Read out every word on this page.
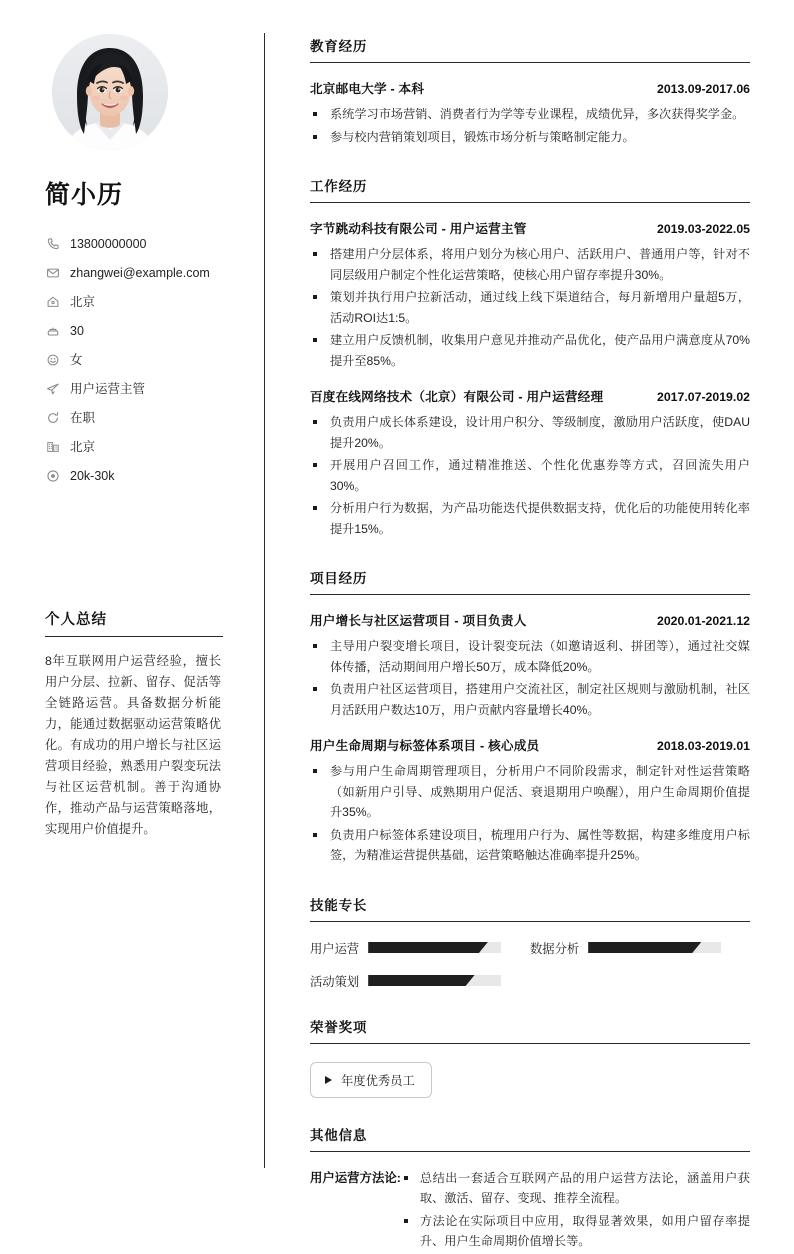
简小历
13800000000
zhangwei@example.com
北京
30
女
用户运营主管
在职
北京
20k-30k
个人总结
8年互联网用户运营经验，擅长用户分层、拉新、留存、促活等全链路运营。具备数据分析能力，能通过数据驱动运营策略优化。有成功的用户增长与社区运营项目经验，熟悉用户裂变玩法与社区运营机制。善于沟通协作，推动产品与运营策略落地，实现用户价值提升。
教育经历
北京邮电大学 - 本科	2013.09-2017.06
系统学习市场营销、消费者行为学等专业课程，成绩优异，多次获得奖学金。
参与校内营销策划项目，锻炼市场分析与策略制定能力。
工作经历
字节跳动科技有限公司 - 用户运营主管	2019.03-2022.05
搭建用户分层体系，将用户划分为核心用户、活跃用户、普通用户等，针对不同层级用户制定个性化运营策略，使核心用户留存率提升30%。
策划并执行用户拉新活动，通过线上线下渠道结合，每月新增用户量超5万，活动ROI达1:5。
建立用户反馈机制，收集用户意见并推动产品优化，使产品用户满意度从70%提升至85%。
百度在线网络技术（北京）有限公司 - 用户运营经理	2017.07-2019.02
负责用户成长体系建设，设计用户积分、等级制度，激励用户活跃度，使DAU提升20%。
开展用户召回工作，通过精准推送、个性化优惠券等方式，召回流失用户30%。
分析用户行为数据，为产品功能迭代提供数据支持，优化后的功能使用转化率提升15%。
项目经历
用户增长与社区运营项目 - 项目负责人	2020.01-2021.12
主导用户裂变增长项目，设计裂变玩法（如邀请返利、拼团等），通过社交媒体传播，活动期间用户增长50万，成本降低20%。
负责用户社区运营项目，搭建用户交流社区，制定社区规则与激励机制，社区月活跃用户数达10万，用户贡献内容量增长40%。
用户生命周期与标签体系项目 - 核心成员	2018.03-2019.01
参与用户生命周期管理项目，分析用户不同阶段需求，制定针对性运营策略（如新用户引导、成熟期用户促活、衰退期用户唤醒），用户生命周期价值提升35%。
负责用户标签体系建设项目，梳理用户行为、属性等数据，构建多维度用户标签，为精准运营提供基础，运营策略触达准确率提升25%。
技能专长
用户运营	数据分析
活动策划
荣誉奖项
年度优秀员工
其他信息
用户运营方法论:	总结出一套适合互联网产品的用户运营方法论，涵盖用户获取、激活、留存、变现、推荐全流程。
方法论在实际项目中应用，取得显著效果，如用户留存率提升、用户生命周期价值增长等。
